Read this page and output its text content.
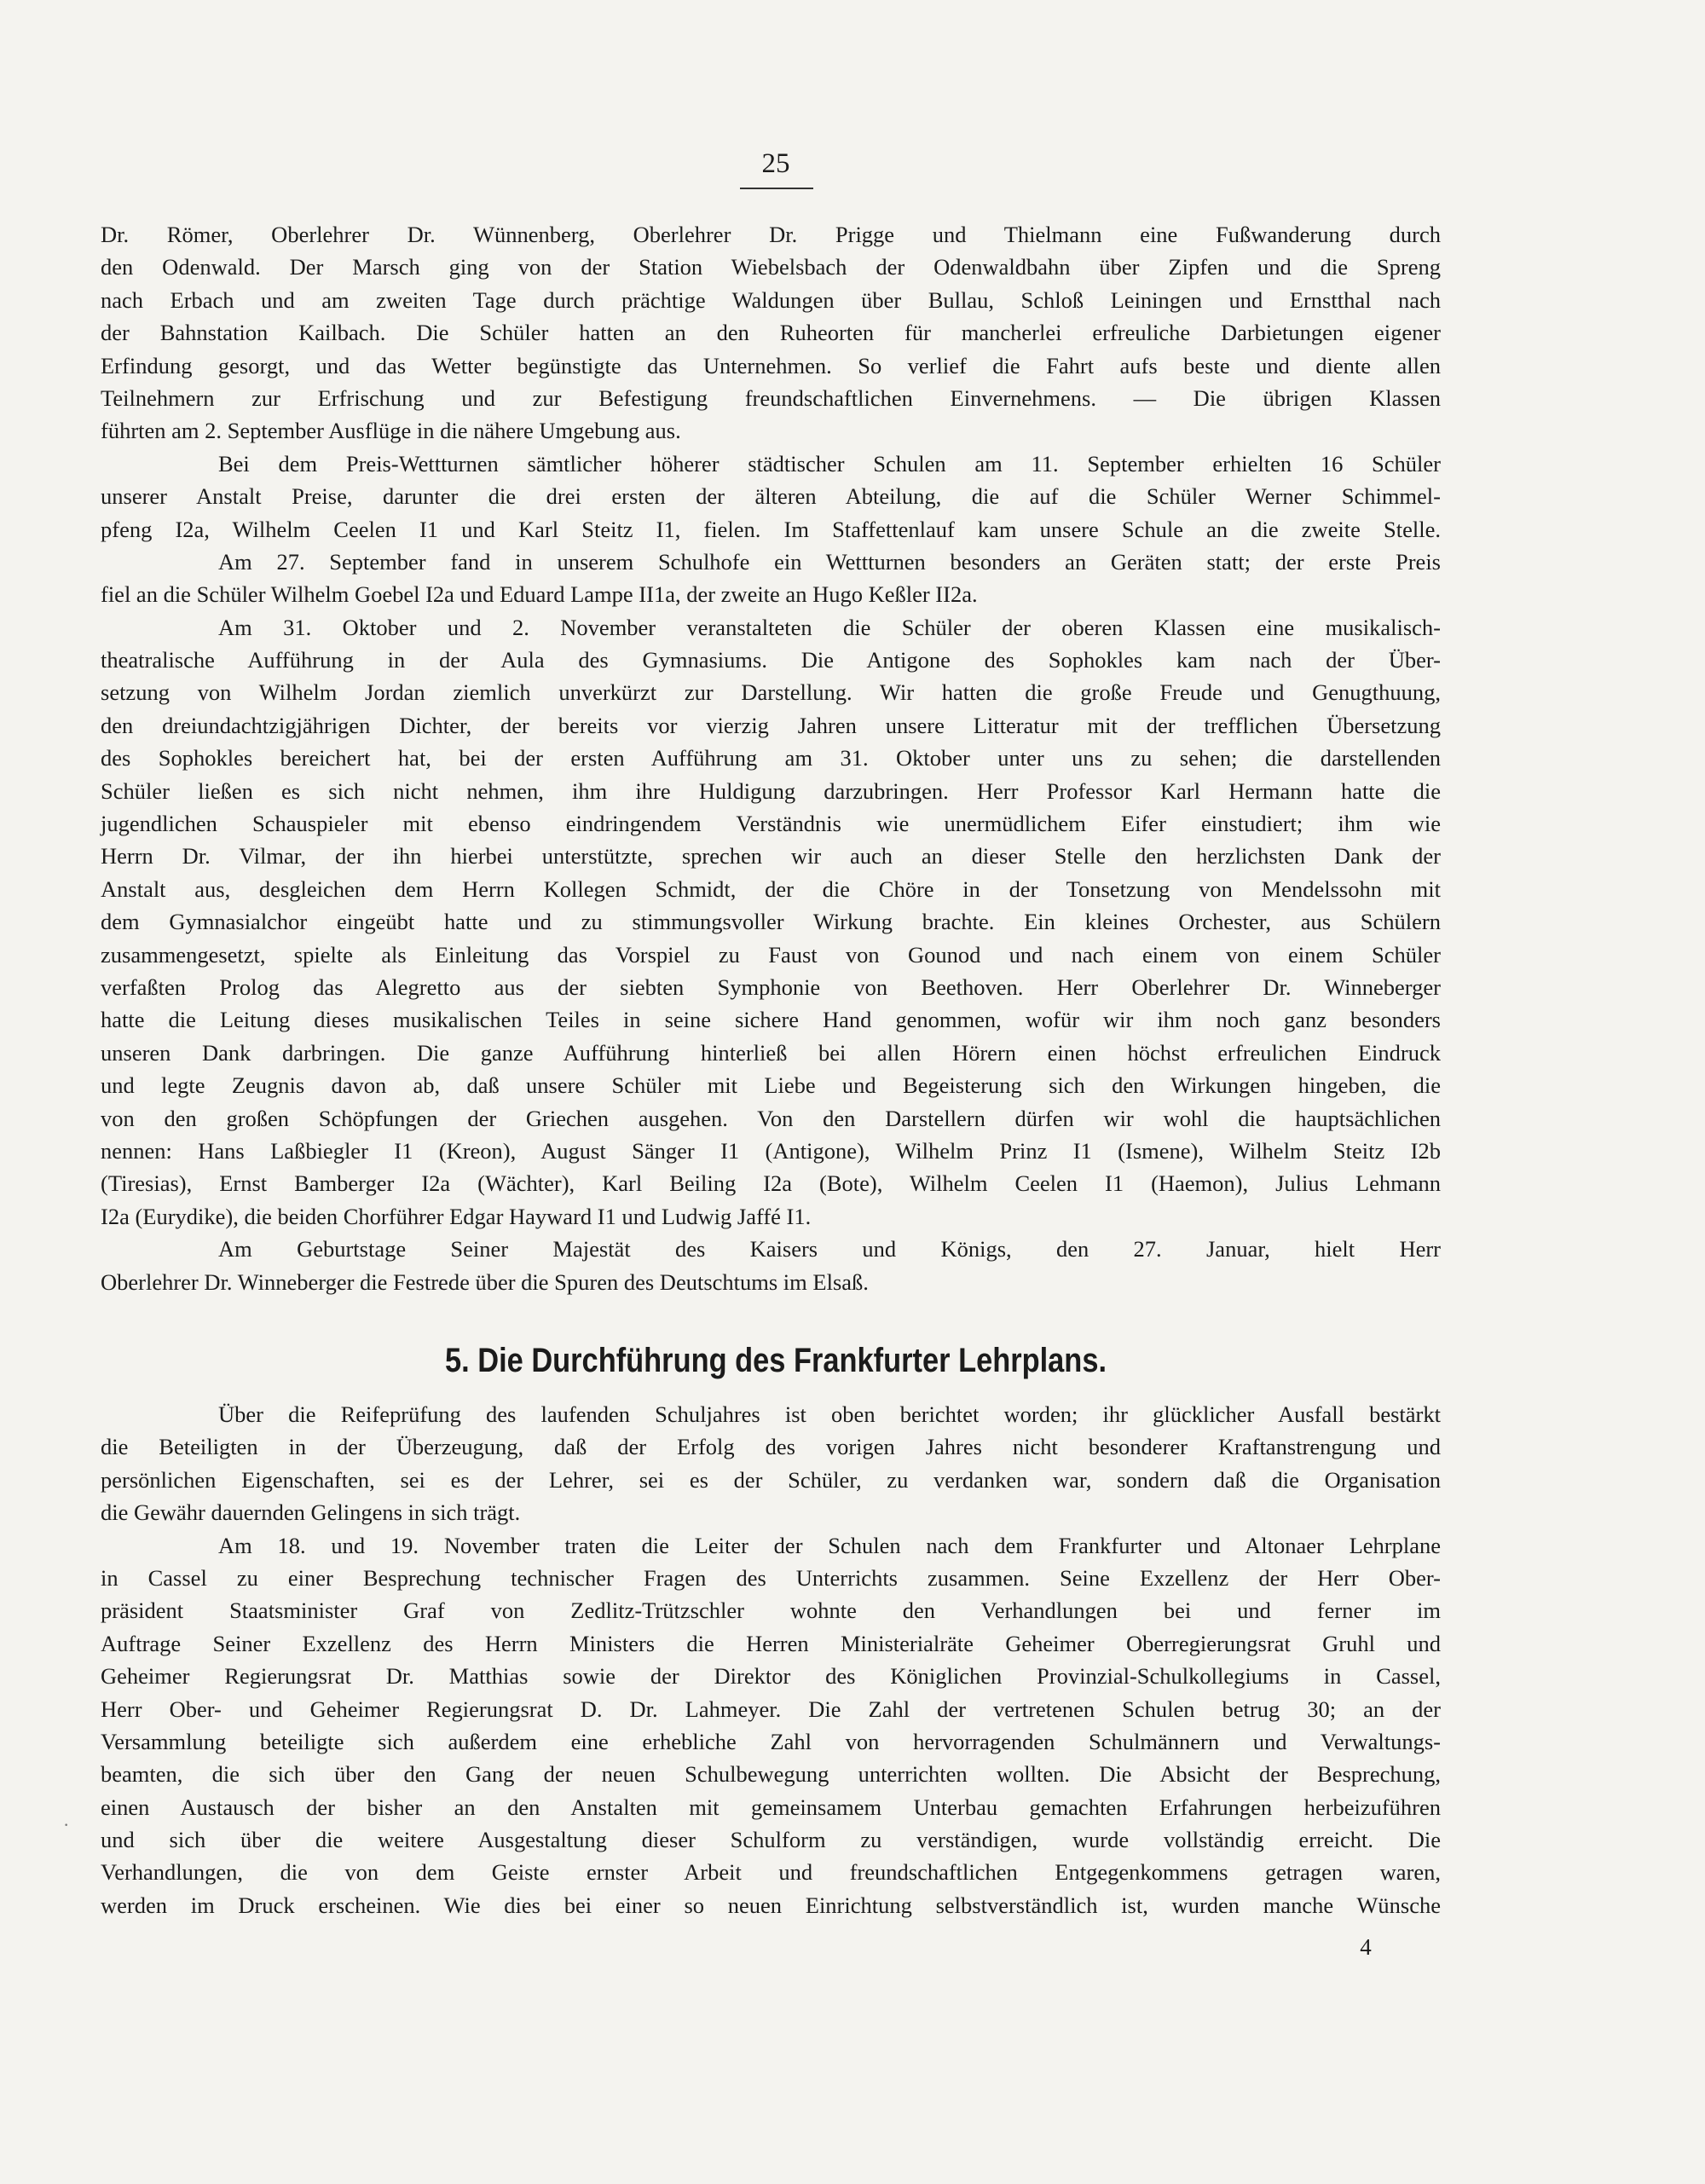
25
Dr. Römer, Oberlehrer Dr. Wünnenberg, Oberlehrer Dr. Prigge und Thielmann eine Fußwanderung durch
den Odenwald. Der Marsch ging von der Station Wiebelsbach der Odenwaldbahn über Zipfen und die Spreng
nach Erbach und am zweiten Tage durch prächtige Waldungen über Bullau, Schloß Leiningen und Ernstthal nach
der Bahnstation Kailbach. Die Schüler hatten an den Ruheorten für mancherlei erfreuliche Darbietungen eigener
Erfindung gesorgt, und das Wetter begünstigte das Unternehmen. So verlief die Fahrt aufs beste und diente allen
Teilnehmern zur Erfrischung und zur Befestigung freundschaftlichen Einvernehmens. — Die übrigen Klassen
führten am 2. September Ausflüge in die nähere Umgebung aus.
Bei dem Preis-Wettturnen sämtlicher höherer städtischer Schulen am 11. September erhielten 16 Schüler
unserer Anstalt Preise, darunter die drei ersten der älteren Abteilung, die auf die Schüler Werner Schimmel-
pfeng I2a, Wilhelm Ceelen I1 und Karl Steitz I1, fielen. Im Staffettenlauf kam unsere Schule an die zweite Stelle.
Am 27. September fand in unserem Schulhofe ein Wettturnen besonders an Geräten statt; der erste Preis
fiel an die Schüler Wilhelm Goebel I2a und Eduard Lampe II1a, der zweite an Hugo Keßler II2a.
Am 31. Oktober und 2. November veranstalteten die Schüler der oberen Klassen eine musikalisch-
theatralische Aufführung in der Aula des Gymnasiums. Die Antigone des Sophokles kam nach der Über-
setzung von Wilhelm Jordan ziemlich unverkürzt zur Darstellung. Wir hatten die große Freude und Genugthuung,
den dreiundachtzigjährigen Dichter, der bereits vor vierzig Jahren unsere Litteratur mit der trefflichen Übersetzung
des Sophokles bereichert hat, bei der ersten Aufführung am 31. Oktober unter uns zu sehen; die darstellenden
Schüler ließen es sich nicht nehmen, ihm ihre Huldigung darzubringen. Herr Professor Karl Hermann hatte die
jugendlichen Schauspieler mit ebenso eindringendem Verständnis wie unermüdlichem Eifer einstudiert; ihm wie
Herrn Dr. Vilmar, der ihn hierbei unterstützte, sprechen wir auch an dieser Stelle den herzlichsten Dank der
Anstalt aus, desgleichen dem Herrn Kollegen Schmidt, der die Chöre in der Tonsetzung von Mendelssohn mit
dem Gymnasialchor eingeübt hatte und zu stimmungsvoller Wirkung brachte. Ein kleines Orchester, aus Schülern
zusammengesetzt, spielte als Einleitung das Vorspiel zu Faust von Gounod und nach einem von einem Schüler
verfaßten Prolog das Alegretto aus der siebten Symphonie von Beethoven. Herr Oberlehrer Dr. Winneberger
hatte die Leitung dieses musikalischen Teiles in seine sichere Hand genommen, wofür wir ihm noch ganz besonders
unseren Dank darbringen. Die ganze Aufführung hinterließ bei allen Hörern einen höchst erfreulichen Eindruck
und legte Zeugnis davon ab, daß unsere Schüler mit Liebe und Begeisterung sich den Wirkungen hingeben, die
von den großen Schöpfungen der Griechen ausgehen. Von den Darstellern dürfen wir wohl die hauptsächlichen
nennen: Hans Laßbiegler I1 (Kreon), August Sänger I1 (Antigone), Wilhelm Prinz I1 (Ismene), Wilhelm Steitz I2b
(Tiresias), Ernst Bamberger I2a (Wächter), Karl Beiling I2a (Bote), Wilhelm Ceelen I1 (Haemon), Julius Lehmann
I2a (Eurydike), die beiden Chorführer Edgar Hayward I1 und Ludwig Jaffé I1.
Am Geburtstage Seiner Majestät des Kaisers und Königs, den 27. Januar, hielt Herr
Oberlehrer Dr. Winneberger die Festrede über die Spuren des Deutschtums im Elsaß.
5. Die Durchführung des Frankfurter Lehrplans.
Über die Reifeprüfung des laufenden Schuljahres ist oben berichtet worden; ihr glücklicher Ausfall bestärkt
die Beteiligten in der Überzeugung, daß der Erfolg des vorigen Jahres nicht besonderer Kraftanstrengung und
persönlichen Eigenschaften, sei es der Lehrer, sei es der Schüler, zu verdanken war, sondern daß die Organisation
die Gewähr dauernden Gelingens in sich trägt.
Am 18. und 19. November traten die Leiter der Schulen nach dem Frankfurter und Altonaer Lehrplane
in Cassel zu einer Besprechung technischer Fragen des Unterrichts zusammen. Seine Exzellenz der Herr Ober-
präsident Staatsminister Graf von Zedlitz-Trützschler wohnte den Verhandlungen bei und ferner im
Auftrage Seiner Exzellenz des Herrn Ministers die Herren Ministerialräte Geheimer Oberregierungsrat Gruhl und
Geheimer Regierungsrat Dr. Matthias sowie der Direktor des Königlichen Provinzial-Schulkollegiums in Cassel,
Herr Ober- und Geheimer Regierungsrat D. Dr. Lahmeyer. Die Zahl der vertretenen Schulen betrug 30; an der
Versammlung beteiligte sich außerdem eine erhebliche Zahl von hervorragenden Schulmännern und Verwaltungs-
beamten, die sich über den Gang der neuen Schulbewegung unterrichten wollten. Die Absicht der Besprechung,
einen Austausch der bisher an den Anstalten mit gemeinsamem Unterbau gemachten Erfahrungen herbeizuführen
und sich über die weitere Ausgestaltung dieser Schulform zu verständigen, wurde vollständig erreicht. Die
Verhandlungen, die von dem Geiste ernster Arbeit und freundschaftlichen Entgegenkommens getragen waren,
werden im Druck erscheinen. Wie dies bei einer so neuen Einrichtung selbstverständlich ist, wurden manche Wünsche
4
·
